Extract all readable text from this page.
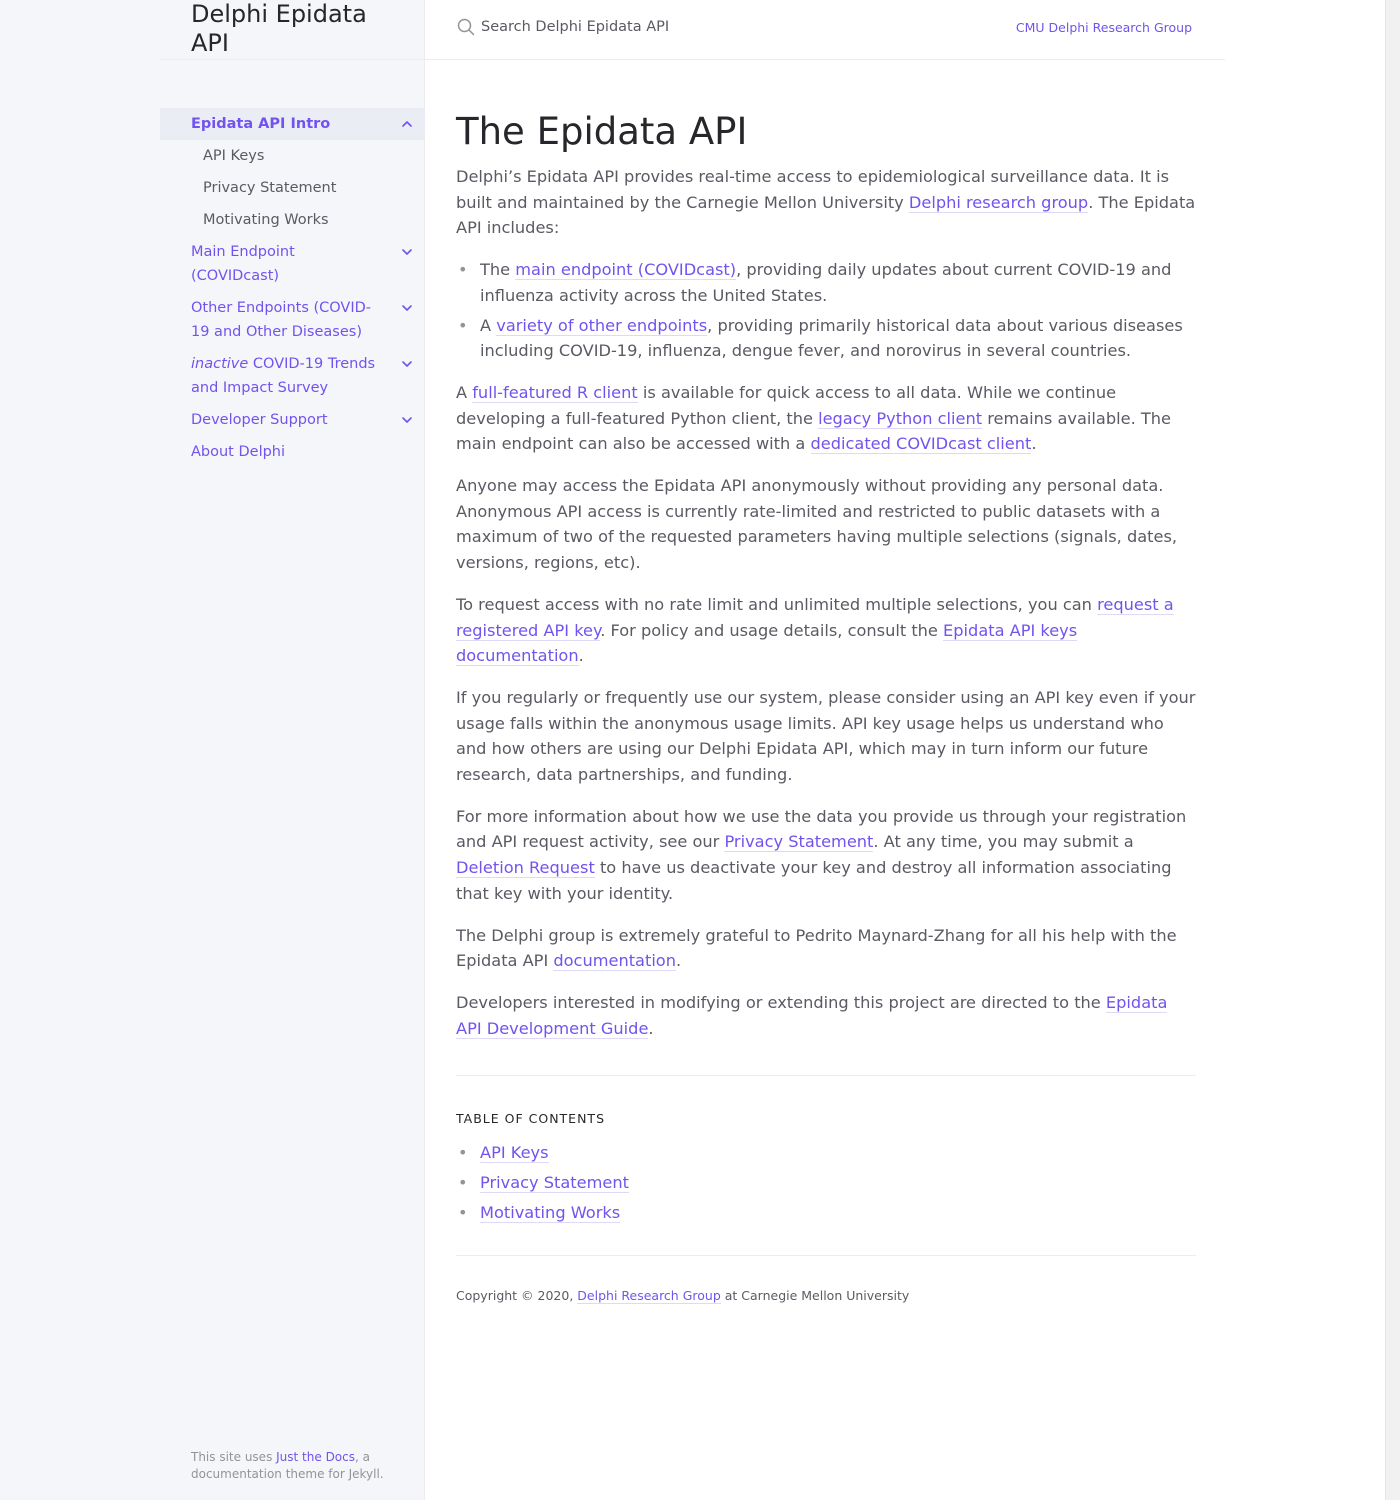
Delphi Epidata API
Epidata API Intro
API Keys
Privacy Statement
Motivating Works
Main Endpoint (COVIDcast)
Other Endpoints (COVID-19 and Other Diseases)
inactive COVID-19 Trends and Impact Survey
Developer Support
About Delphi
This site uses Just the Docs, a documentation theme for Jekyll.
Search Delphi Epidata API
CMU Delphi Research Group
The Epidata API

Delphi’s Epidata API provides real-time access to epidemiological surveillance data. It is built and maintained by the Carnegie Mellon University Delphi research group. The Epidata API includes:

• The main endpoint (COVIDcast), providing daily updates about current COVID-19 and influenza activity across the United States.
• A variety of other endpoints, providing primarily historical data about various diseases including COVID-19, influenza, dengue fever, and norovirus in several countries.

A full-featured R client is available for quick access to all data. While we continue developing a full-featured Python client, the legacy Python client remains available. The main endpoint can also be accessed with a dedicated COVIDcast client.

Anyone may access the Epidata API anonymously without providing any personal data. Anonymous API access is currently rate-limited and restricted to public datasets with a maximum of two of the requested parameters having multiple selections (signals, dates, versions, regions, etc).

To request access with no rate limit and unlimited multiple selections, you can request a registered API key. For policy and usage details, consult the Epidata API keys documentation.

If you regularly or frequently use our system, please consider using an API key even if your usage falls within the anonymous usage limits. API key usage helps us understand who and how others are using our Delphi Epidata API, which may in turn inform our future research, data partnerships, and funding.

For more information about how we use the data you provide us through your registration and API request activity, see our Privacy Statement. At any time, you may submit a Deletion Request to have us deactivate your key and destroy all information associating that key with your identity.

The Delphi group is extremely grateful to Pedrito Maynard-Zhang for all his help with the Epidata API documentation.

Developers interested in modifying or extending this project are directed to the Epidata API Development Guide.

TABLE OF CONTENTS
• API Keys
• Privacy Statement
• Motivating Works
Copyright © 2020, Delphi Research Group at Carnegie Mellon University
